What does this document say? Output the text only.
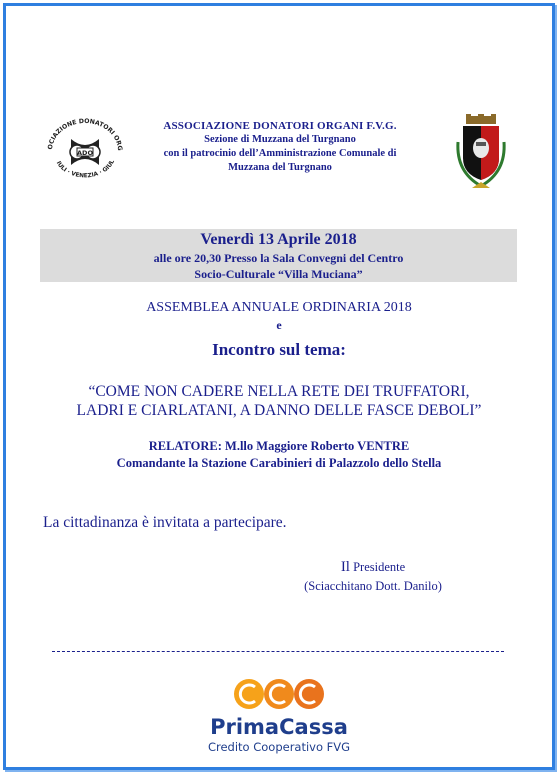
OCIAZIONE DONATORI ORG
IULI · VENEZIA · GIUL
ADO
ASSOCIAZIONE DONATORI ORGANI F.V.G.
Sezione di Muzzana del Turgnano
con il patrocinio dell’Amministrazione Comunale di
Muzzana del Turgnano
Venerdì 13 Aprile 2018
alle ore 20,30 Presso la Sala Convegni del Centro
Socio-Culturale “Villa Muciana”
ASSEMBLEA ANNUALE ORDINARIA 2018
e
Incontro sul tema:
“COME NON CADERE NELLA RETE DEI TRUFFATORI,
LADRI E CIARLATANI, A DANNO DELLE FASCE DEBOLI”
RELATORE: M.llo Maggiore Roberto VENTRE
Comandante la Stazione Carabinieri di Palazzolo dello Stella
La cittadinanza è invitata a partecipare.
Il Presidente
(Sciacchitano Dott. Danilo)
PrimaCassa
Credito Cooperativo FVG
